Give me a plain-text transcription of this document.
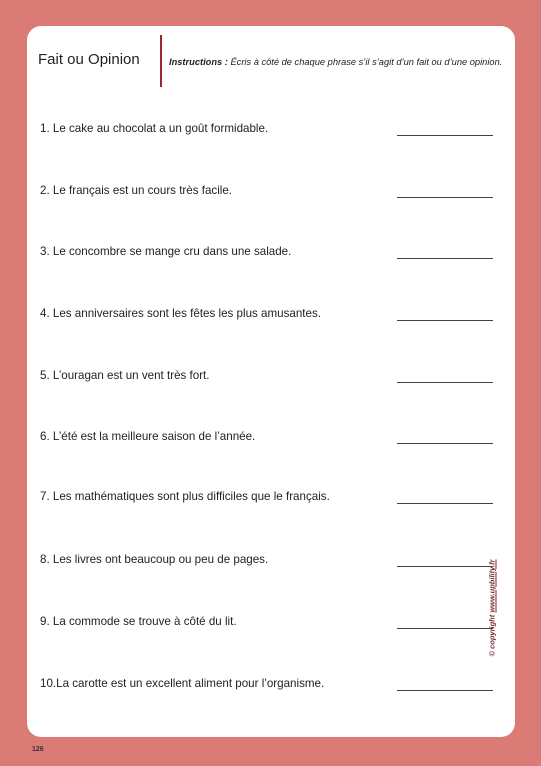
Fait ou Opinion	Instructions : Écris à côté de chaque phrase s’il s’agit d’un fait ou d’une opinion.
1. Le cake au chocolat a un goût formidable.
2. Le français est un cours très facile.
3. Le concombre se mange cru dans une salade.
4. Les anniversaires sont les fêtes les plus amusantes.
5. L’ouragan est un vent très fort.
6. L’été est la meilleure saison de l’année.
7. Les mathématiques sont plus difficiles que le français.
8. Les livres ont beaucoup ou peu de pages.
9. La commode se trouve à côté du lit.
10.La carotte est un excellent aliment pour l’organisme.
© copyright www.upbility.fr
126
